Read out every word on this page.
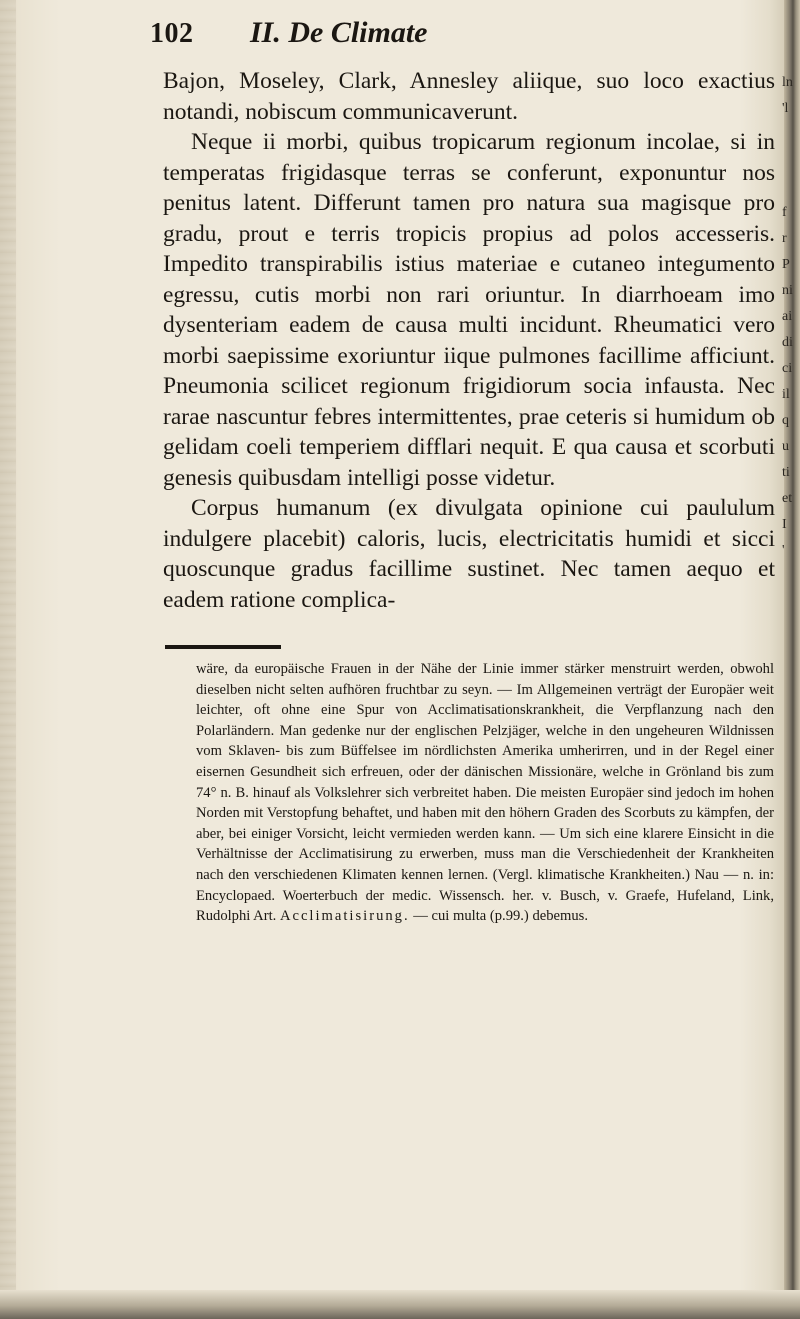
102 II. De Climate

Bajon, Moseley, Clark, Annesley aliique, suo loco exactius notandi, nobiscum communicaverunt.

Neque ii morbi, quibus tropicarum regionum incolae, si in temperatas frigidasque terras se conferunt, exponuntur nos penitus latent. Differunt tamen pro natura sua magisque pro gradu, prout e terris tropicis propius ad polos accesseris. Impedito transpirabilis istius materiae e cutaneo integumento egressu, cutis morbi non rari oriuntur. In diarrhoeam imo dysenteriam eadem de causa multi incidunt. Rheumatici vero morbi saepissime exoriuntur iique pulmones facillime afficiunt. Pneumonia scilicet regionum frigidiorum socia infausta. Nec rarae nascuntur febres intermittentes, prae ceteris si humidum ob gelidam coeli temperiem difflari nequit. E qua causa et scorbuti genesis quibusdam intelligi posse videtur.

Corpus humanum (ex divulgata opinione cui paululum indulgere placebit) caloris, lucis, electricitatis humidi et sicci quoscunque gradus facillime sustinet. Nec tamen aequo et eadem ratione complica-

wäre, da europäische Frauen in der Nähe der Linie immer stärker menstruirt werden, obwohl dieselben nicht selten aufhören fruchtbar zu seyn. — Im Allgemeinen verträgt der Europäer weit leichter, oft ohne eine Spur von Acclimatisationskrankheit, die Verpflanzung nach den Polarländern. Man gedenke nur der englischen Pelzjäger, welche in den ungeheuren Wildnissen vom Sklaven- bis zum Büffelsee im nördlichsten Amerika umherirren, und in der Regel einer eisernen Gesundheit sich erfreuen, oder der dänischen Missionäre, welche in Grönland bis zum 74° n. B. hinauf als Volkslehrer sich verbreitet haben. Die meisten Europäer sind jedoch im hohen Norden mit Verstopfung behaftet, und haben mit den höhern Graden des Scorbuts zu kämpfen, der aber, bei einiger Vorsicht, leicht vermieden werden kann. — Um sich eine klarere Einsicht in die Verhältnisse der Acclimatisirung zu erwerben, muss man die Verschiedenheit der Krankheiten nach den verschiedenen Klimaten kennen lernen. (Vergl. klimatische Krankheiten.) Nau — n. in: Encyclopaed. Woerterbuch der medic. Wissensch. her. v. Busch, v. Graefe, Hufeland, Link, Rudolphi Art. Acclimatisirung. — cui multa (p.99.) debemus.

ln
'l

f
r
P
ni
ai
di
ci
il
q
u
ti
et
I
'
